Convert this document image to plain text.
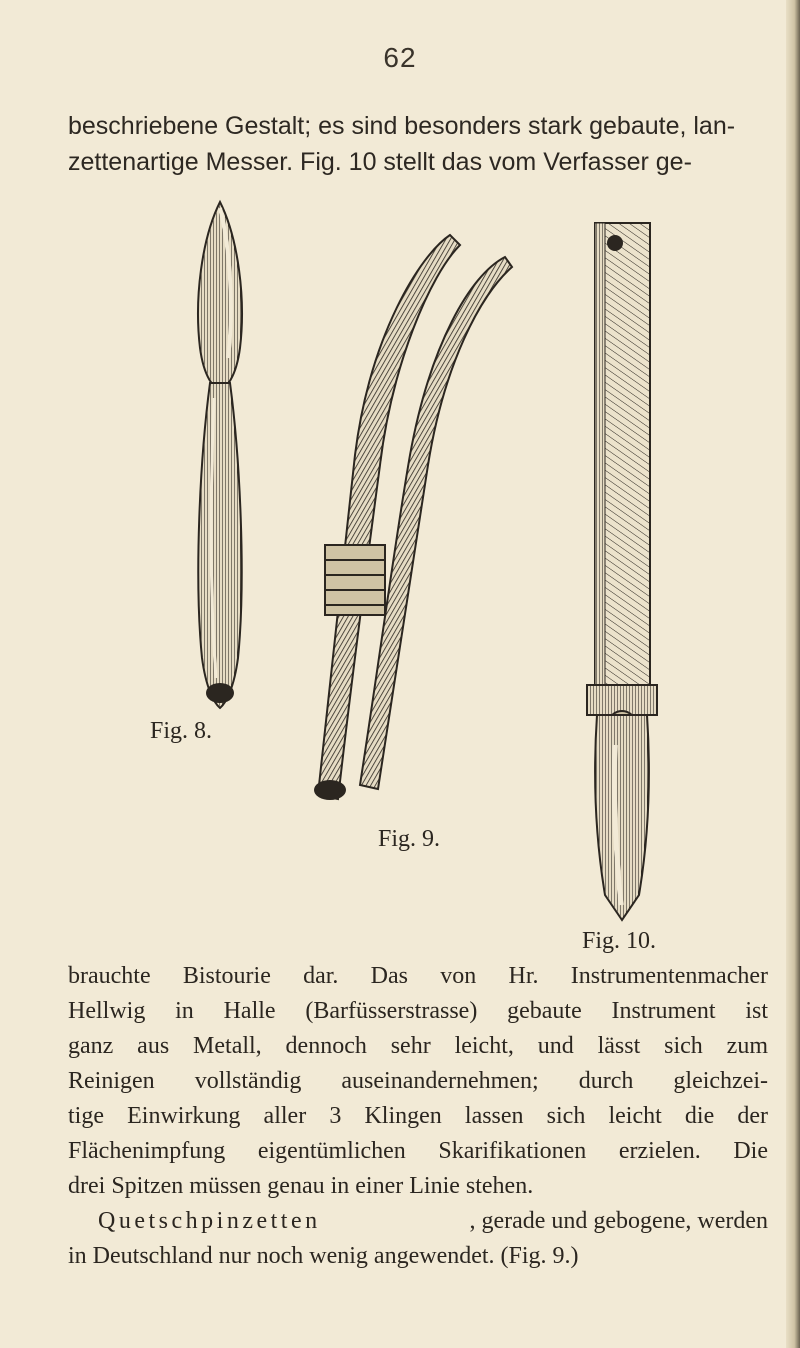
62
beschriebene Gestalt; es sind besonders stark gebaute, lan-
zettenartige Messer. Fig. 10 stellt das vom Verfasser ge-
Fig. 8.
Fig. 9.
Fig. 10.
brauchte Bistourie dar. Das von Hr. Instrumentenmacher
Hellwig in Halle (Barfüsserstrasse) gebaute Instrument ist
ganz aus Metall, dennoch sehr leicht, und lässt sich zum
Reinigen vollständig auseinandernehmen; durch gleichzei-
tige Einwirkung aller 3 Klingen lassen sich leicht die der
Flächenimpfung eigentümlichen Skarifikationen erzielen. Die
drei Spitzen müssen genau in einer Linie stehen.
Quetschpinzetten	, gerade und gebogene, werden
in Deutschland nur noch wenig angewendet. (Fig. 9.)
